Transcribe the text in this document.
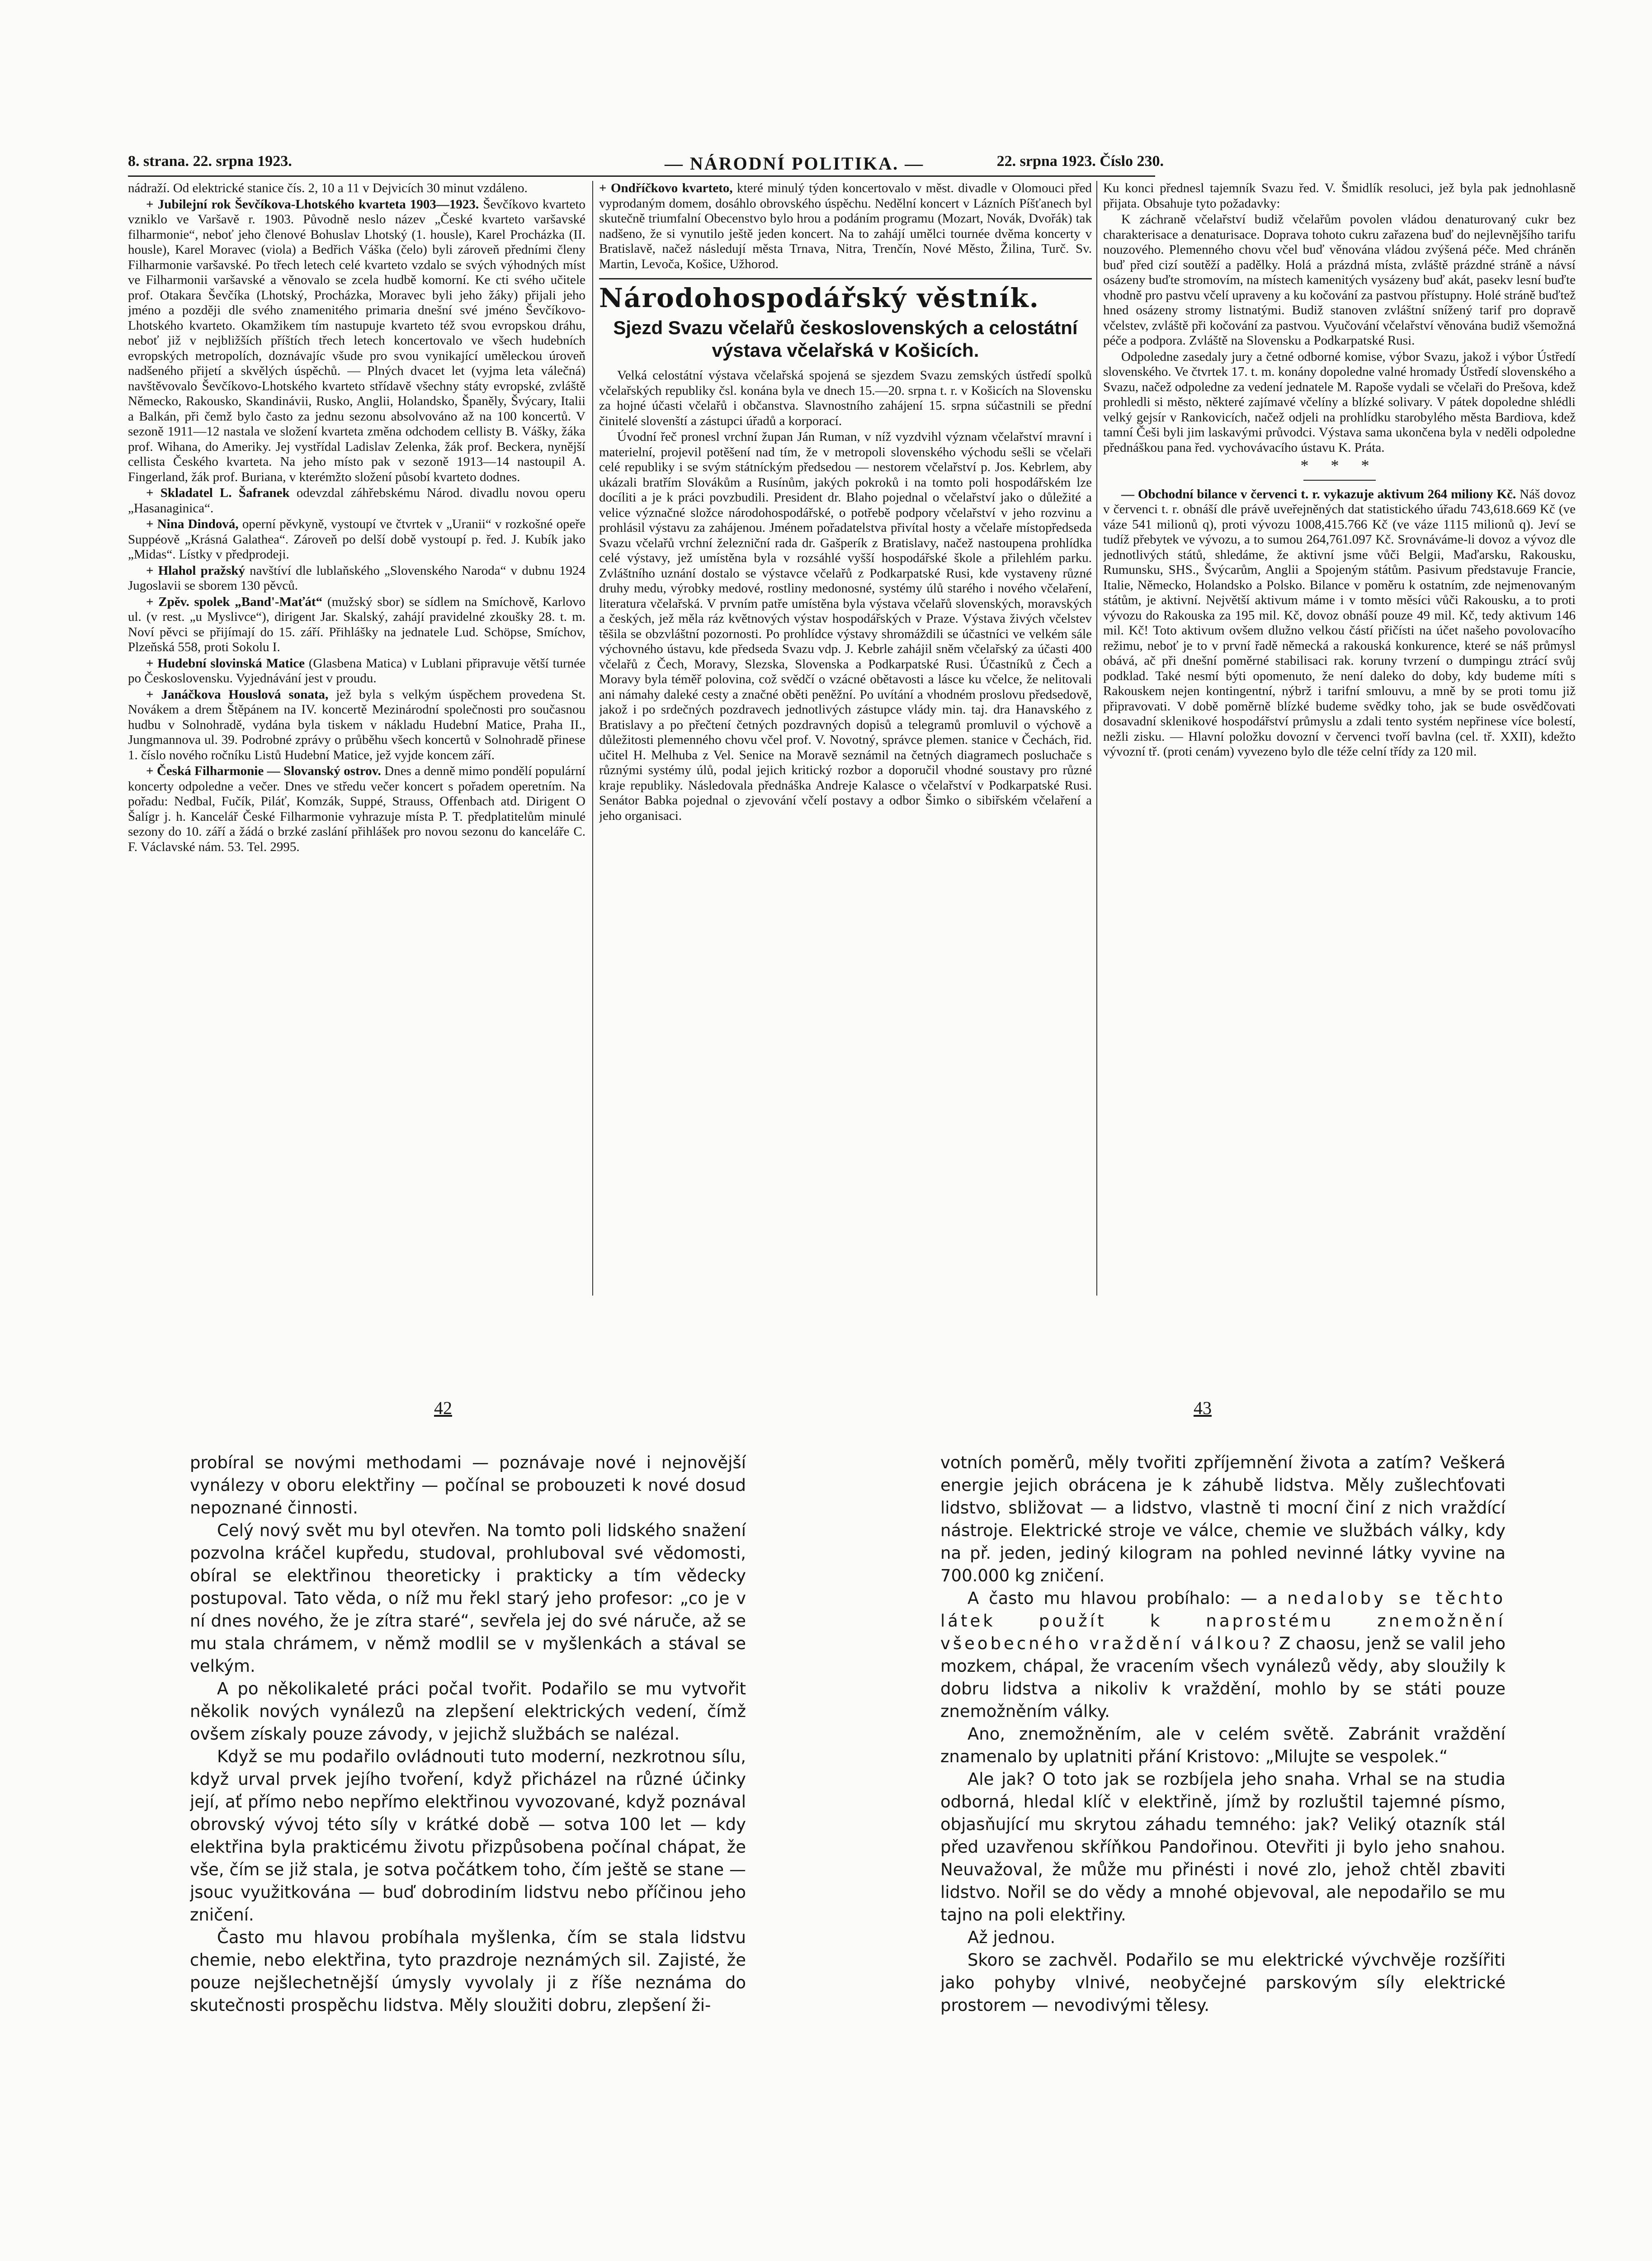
8. strana. 22. srpna 1923.	— NÁRODNÍ POLITIKA. —	22. srpna 1923. Číslo 230.

nádraží. Od elektrické stanice čís. 2, 10 a 11 v Dejvicích 30 minut vzdáleno.

+ Jubilejní rok Ševčíkova-Lhotského kvarteta 1903—1923. Ševčíkovo kvarteto vzniklo ve Varšavě r. 1903. Původně neslo název „České kvarteto varšavské filharmonie“, neboť jeho členové Bohuslav Lhotský (1. housle), Karel Procházka (II. housle), Karel Moravec (viola) a Bedřich Váška (čelo) byli zároveň předními členy Filharmonie varšavské. Po třech letech celé kvarteto vzdalo se svých výhodných míst ve Filharmonii varšavské a věnovalo se zcela hudbě komorní. Ke cti svého učitele prof. Otakara Ševčíka (Lhotský, Procházka, Moravec byli jeho žáky) přijali jeho jméno a později dle svého znamenitého primaria dnešní své jméno Ševčíkovo-Lhotského kvarteto. Okamžikem tím nastupuje kvarteto též svou evropskou dráhu, neboť již v nejbližších příštích třech letech koncertovalo ve všech hudebních evropských metropolích, doznávajíc všude pro svou vynikající uměleckou úroveň nadšeného přijetí a skvělých úspěchů. — Plných dvacet let (vyjma leta válečná) navštěvovalo Ševčíkovo-Lhotského kvarteto střídavě všechny státy evropské, zvláště Německo, Rakousko, Skandinávii, Rusko, Anglii, Holandsko, Španěly, Švýcary, Italii a Balkán, při čemž bylo často za jednu sezonu absolvováno až na 100 koncertů. V sezoně 1911—12 nastala ve složení kvarteta změna odchodem cellisty B. Vášky, žáka prof. Wihana, do Ameriky. Jej vystřídal Ladislav Zelenka, žák prof. Beckera, nynější cellista Českého kvarteta. Na jeho místo pak v sezoně 1913—14 nastoupil A. Fingerland, žák prof. Buriana, v kterémžto složení působí kvarteto dodnes.

+ Skladatel L. Šafranek odevzdal záhřebskému Národ. divadlu novou operu „Hasanaginica“.

+ Nina Dindová, operní pěvkyně, vystoupí ve čtvrtek v „Uranii“ v rozkošné opeře Suppéově „Krásná Galathea“. Zároveň po delší době vystoupí p. řed. J. Kubík jako „Midas“. Lístky v předprodeji.

+ Hlahol pražský navštíví dle lublaňského „Slovenského Naroda“ v dubnu 1924 Jugoslavii se sborem 130 pěvců.

+ Zpěv. spolek „Band'-Maťát“ (mužský sbor) se sídlem na Smíchově, Karlovo ul. (v rest. „u Myslivce“), dirigent Jar. Skalský, zahájí pravidelné zkoušky 28. t. m. Noví pěvci se přijímají do 15. září. Přihlášky na jednatele Lud. Schöpse, Smíchov, Plzeňská 558, proti Sokolu I.

+ Hudební slovinská Matice (Glasbena Matica) v Lublani připravuje větší turnée po Československu. Vyjednávání jest v proudu.

+ Janáčkova Houslová sonata, jež byla s velkým úspěchem provedena St. Novákem a drem Štěpánem na IV. koncertě Mezinárodní společnosti pro současnou hudbu v Solnohradě, vydána byla tiskem v nákladu Hudební Matice, Praha II., Jungmannova ul. 39. Podrobné zprávy o průběhu všech koncertů v Solnohradě přinese 1. číslo nového ročníku Listů Hudební Matice, jež vyjde koncem září.

+ Česká Filharmonie — Slovanský ostrov. Dnes a denně mimo pondělí populární koncerty odpoledne a večer. Dnes ve středu večer koncert s pořadem operetním. Na pořadu: Nedbal, Fučík, Piláť, Komzák, Suppé, Strauss, Offenbach atd. Dirigent O Šalígr j. h. Kancelář České Filharmonie vyhrazuje místa P. T. předplatitelům minulé sezony do 10. září a žádá o brzké zaslání přihlášek pro novou sezonu do kanceláře C. F. Václavské nám. 53. Tel. 2995.

+ Ondříčkovo kvarteto, které minulý týden koncertovalo v měst. divadle v Olomouci před vyprodaným domem, dosáhlo obrovského úspěchu. Nedělní koncert v Lázních Píšťanech byl skutečně triumfalní Obecenstvo bylo hrou a podáním programu (Mozart, Novák, Dvořák) tak nadšeno, že si vynutilo ještě jeden koncert. Na to zahájí umělci tournée dvěma koncerty v Bratislavě, načež následují města Trnava, Nitra, Trenčín, Nové Město, Žilina, Turč. Sv. Martin, Levoča, Košice, Užhorod.

Národohospodářský věstník.
Sjezd Svazu včelařů československých a celostátní výstava včelařská v Košicích.

Velká celostátní výstava včelařská spojená se sjezdem Svazu zemských ústředí spolků včelařských republiky čsl. konána byla ve dnech 15.—20. srpna t. r. v Košicích na Slovensku za hojné účasti včelařů i občanstva. Slavnostního zahájení 15. srpna súčastnili se přední činitelé slovenští a zástupci úřadů a korporací.

Úvodní řeč pronesl vrchní župan Ján Ruman, v níž vyzdvihl význam včelařství mravní i materielní, projevil potěšení nad tím, že v metropoli slovenského východu sešli se včelaři celé republiky i se svým státníckým předsedou — nestorem včelařství p. Jos. Kebrlem, aby ukázali bratřím Slovákům a Rusínům, jakých pokroků i na tomto poli hospodářském lze docíliti a je k práci povzbudili. President dr. Blaho pojednal o včelařství jako o důležité a velice význačné složce národohospodářské, o potřebě podpory včelařství v jeho rozvinu a prohlásil výstavu za zahájenou. Jménem pořadatelstva přivítal hosty a včelaře místopředseda Svazu včelařů vrchní železniční rada dr. Gašperík z Bratislavy, načež nastoupena prohlídka celé výstavy, jež umístěna byla v rozsáhlé vyšší hospodářské škole a přilehlém parku. Zvláštního uznání dostalo se výstavce včelařů z Podkarpatské Rusi, kde vystaveny různé druhy medu, výrobky medové, rostliny medonosné, systémy úlů starého i nového včelaření, literatura včelařská. V prvním patře umístěna byla výstava včelařů slovenských, moravských a českých, jež měla ráz květnových výstav hospodářských v Praze. Výstava živých včelstev těšila se obzvláštní pozornosti. Po prohlídce výstavy shromáždili se účastníci ve velkém sále výchovného ústavu, kde předseda Svazu vdp. J. Kebrle zahájil sněm včelařský za účasti 400 včelařů z Čech, Moravy, Slezska, Slovenska a Podkarpatské Rusi. Účastníků z Čech a Moravy byla téměř polovina, což svědčí o vzácné obětavosti a lásce ku včelce, že nelitovali ani námahy daleké cesty a značné oběti peněžní. Po uvítání a vhodném proslovu předsedově, jakož i po srdečných pozdravech jednotlivých zástupce vlády min. taj. dra Hanavského z Bratislavy a po přečtení četných pozdravných dopisů a telegramů promluvil o výchově a důležitosti plemenného chovu včel prof. V. Novotný, správce plemen. stanice v Čechách, řid. učitel H. Melhuba z Vel. Senice na Moravě seznámil na četných diagramech posluchače s různými systémy úlů, podal jejich kritický rozbor a doporučil vhodné soustavy pro různé kraje republiky. Následovala přednáška Andreje Kalasce o včelařství v Podkarpatské Rusi. Senátor Babka pojednal o zjevování včelí postavy a odbor Šimko o sibiřském včelaření a jeho organisaci.

Ku konci přednesl tajemník Svazu řed. V. Šmidlík resoluci, jež byla pak jednohlasně přijata. Obsahuje tyto požadavky:

K záchraně včelařství budiž včelařům povolen vládou denaturovaný cukr bez charakterisace a denaturisace. Doprava tohoto cukru zařazena buď do nejlevnějšího tarifu nouzového. Plemenného chovu včel buď věnována vládou zvýšená péče. Med chráněn buď před cizí soutěží a padělky. Holá a prázdná místa, zvláště prázdné stráně a návsí osázeny buďte stromovím, na místech kamenitých vysázeny buď akát, pasekv lesní buďte vhodně pro pastvu včelí upraveny a ku kočování za pastvou přístupny. Holé stráně buďtež hned osázeny stromy listnatými. Budiž stanoven zvláštní snížený tarif pro dopravě včelstev, zvláště při kočování za pastvou. Vyučování včelařství věnována budiž všemožná péče a podpora. Zvláště na Slovensku a Podkarpatské Rusi.

Odpoledne zasedaly jury a četné odborné komise, výbor Svazu, jakož i výbor Ústředí slovenského. Ve čtvrtek 17. t. m. konány dopoledne valné hromady Ústředí slovenského a Svazu, načež odpoledne za vedení jednatele M. Rapoše vydali se včelaři do Prešova, kdež prohledli si město, některé zajímavé včelíny a blízké solivary. V pátek dopoledne shlédli velký gejsír v Rankovicích, načež odjeli na prohlídku starobylého města Bardiova, kdež tamní Češi byli jim laskavými průvodci. Výstava sama ukončena byla v neděli odpoledne přednáškou pana řed. vychovávacího ústavu K. Práta.

* * *

— Obchodní bilance v červenci t. r. vykazuje aktivum 264 miliony Kč. Náš dovoz v červenci t. r. obnáší dle právě uveřejněných dat statistického úřadu 743,618.669 Kč (ve váze 541 milionů q), proti vývozu 1008,415.766 Kč (ve váze 1115 milionů q). Jeví se tudíž přebytek ve vývozu, a to sumou 264,761.097 Kč. Srovnáváme-li dovoz a vývoz dle jednotlivých států, shledáme, že aktivní jsme vůči Belgii, Maďarsku, Rakousku, Rumunsku, SHS., Švýcarům, Anglii a Spojeným státům. Pasivum představuje Francie, Italie, Německo, Holandsko a Polsko. Bilance v poměru k ostatním, zde nejmenovaným státům, je aktivní. Největší aktivum máme i v tomto měsíci vůči Rakousku, a to proti vývozu do Rakouska za 195 mil. Kč, dovoz obnáší pouze 49 mil. Kč, tedy aktivum 146 mil. Kč! Toto aktivum ovšem dlužno velkou částí přičísti na účet našeho povolovacího režimu, neboť je to v první řadě německá a rakouská konkurence, které se náš průmysl obává, ač při dnešní poměrné stabilisaci rak. koruny tvrzení o dumpingu ztrácí svůj podklad. Také nesmí býti opomenuto, že není daleko do doby, kdy budeme míti s Rakouskem nejen kontingentní, nýbrž i tarifní smlouvu, a mně by se proti tomu již připravovati. V době poměrně blízké budeme svědky toho, jak se bude osvědčovati dosavadní sklenikové hospodářství průmyslu a zdali tento systém nepřinese více bolestí, nežli zisku. — Hlavní položku dovozní v červenci tvoří bavlna (cel. tř. XXII), kdežto vývozní tř. (proti cenám) vyvezeno bylo dle téže celní třídy za 120 mil.

42	43

probíral se novými methodami — poznávaje nové i nejnovější vynálezy v oboru elektřiny — počínal se probouzeti k nové dosud nepoznané činnosti.

Celý nový svět mu byl otevřen. Na tomto poli lidského snažení pozvolna kráčel kupředu, studoval, prohluboval své vědomosti, obíral se elektřinou theoreticky i prakticky a tím vědecky postupoval. Tato věda, o níž mu řekl starý jeho profesor: „co je v ní dnes nového, že je zítra staré“, sevřela jej do své náruče, až se mu stala chrámem, v němž modlil se v myšlenkách a stával se velkým.

A po několikaleté práci počal tvořit. Podařilo se mu vytvořit několik nových vynálezů na zlepšení elektrických vedení, čímž ovšem získaly pouze závody, v jejichž službách se nalézal.

Když se mu podařilo ovládnouti tuto moderní, nezkrotnou sílu, když urval prvek jejího tvoření, když přicházel na různé účinky její, ať přímo nebo nepřímo elektřinou vyvozované, když poznával obrovský vývoj této síly v krátké době — sotva 100 let — kdy elektřina byla prakticému životu přizpůsobena počínal chápat, že vše, čím se již stala, je sotva počátkem toho, čím ještě se stane — jsouc využitkována — buď dobrodiním lidstvu nebo příčinou jeho zničení.

Často mu hlavou probíhala myšlenka, čím se stala lidstvu chemie, nebo elektřina, tyto prazdroje neznámých sil. Zajisté, že pouze nejšlechetnější úmysly vyvolaly ji z říše neznáma do skutečnosti prospěchu lidstva. Měly sloužiti dobru, zlepšení ži-

votních poměrů, měly tvořiti zpříjemnění života a zatím? Veškerá energie jejich obrácena je k záhubě lidstva. Měly zušlechťovati lidstvo, sbližovat — a lidstvo, vlastně ti mocní činí z nich vraždící nástroje. Elektrické stroje ve válce, chemie ve službách války, kdy na př. jeden, jediný kilogram na pohled nevinné látky vyvine na 700.000 kg zničení.

A často mu hlavou probíhalo: — a nedaloby se těchto látek použít k naprostému znemožnění všeobecného vraždění válkou? Z chaosu, jenž se valil jeho mozkem, chápal, že vracením všech vynálezů vědy, aby sloužily k dobru lidstva a nikoliv k vraždění, mohlo by se státi pouze znemožněním války.

Ano, znemožněním, ale v celém světě. Zabránit vraždění znamenalo by uplatniti přání Kristovo: „Milujte se vespolek.“

Ale jak? O toto jak se rozbíjela jeho snaha. Vrhal se na studia odborná, hledal klíč v elektřině, jímž by rozluštil tajemné písmo, objasňující mu skrytou záhadu temného: jak? Veliký otazník stál před uzavřenou skříňkou Pandořinou. Otevřiti ji bylo jeho snahou. Neuvažoval, že může mu přinésti i nové zlo, jehož chtěl zbaviti lidstvo. Nořil se do vědy a mnohé objevoval, ale nepodařilo se mu tajno na poli elektřiny.

Až jednou.

Skoro se zachvěl. Podařilo se mu elektrické vývchvěje rozšířiti jako pohyby vlnivé, neobyčejné parskovým síly elektrické prostorem — nevodivými tělesy.
